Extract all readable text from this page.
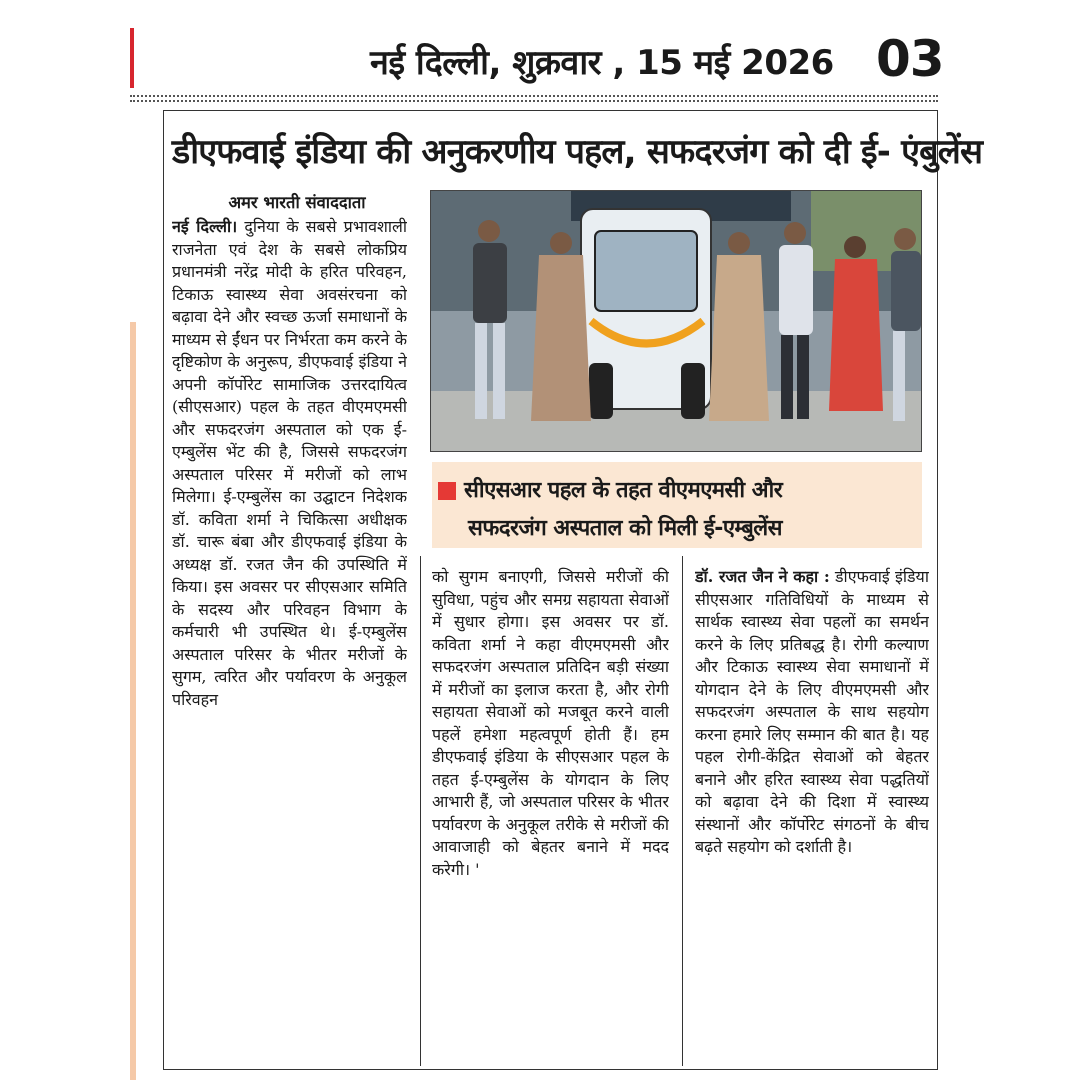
नई दिल्ली, शुक्रवार , 15 मई 2026 03
डीएफवाई इंडिया की अनुकरणीय पहल, सफदरजंग को दी ई- एंबुलेंस
अमर भारती संवाददाता
नई दिल्ली। दुनिया के सबसे प्रभावशाली राजनेता एवं देश के सबसे लोकप्रिय प्रधानमंत्री नरेंद्र मोदी के हरित परिवहन, टिकाऊ स्वास्थ्य सेवा अवसंरचना को बढ़ावा देने और स्वच्छ ऊर्जा समाधानों के माध्यम से ईंधन पर निर्भरता कम करने के दृष्टिकोण के अनुरूप, डीएफवाई इंडिया ने अपनी कॉर्पोरेट सामाजिक उत्तरदायित्व (सीएसआर) पहल के तहत वीएमएमसी और सफदरजंग अस्पताल को एक ई-एम्बुलेंस भेंट की है, जिससे सफदरजंग अस्पताल परिसर में मरीजों को लाभ मिलेगा। ई-एम्बुलेंस का उद्घाटन निदेशक डॉ. कविता शर्मा ने चिकित्सा अधीक्षक डॉ. चारू बंबा और डीएफवाई इंडिया के अध्यक्ष डॉ. रजत जैन की उपस्थिति में किया। इस अवसर पर सीएसआर समिति के सदस्य और परिवहन विभाग के कर्मचारी भी उपस्थित थे। ई-एम्बुलेंस अस्पताल परिसर के भीतर मरीजों के सुगम, त्वरित और पर्यावरण के अनुकूल परिवहन
सीएसआर पहल के तहत वीएमएमसी और
सफदरजंग अस्पताल को मिली ई-एम्बुलेंस
को सुगम बनाएगी, जिससे मरीजों की सुविधा, पहुंच और समग्र सहायता सेवाओं में सुधार होगा। इस अवसर पर डॉ. कविता शर्मा ने कहा वीएमएमसी और सफदरजंग अस्पताल प्रतिदिन बड़ी संख्या में मरीजों का इलाज करता है, और रोगी सहायता सेवाओं को मजबूत करने वाली पहलें हमेशा महत्वपूर्ण होती हैं। हम डीएफवाई इंडिया के सीएसआर पहल के तहत ई-एम्बुलेंस के योगदान के लिए आभारी हैं, जो अस्पताल परिसर के भीतर पर्यावरण के अनुकूल तरीके से मरीजों की आवाजाही को बेहतर बनाने में मदद करेगी। '
डॉ. रजत जैन ने कहा : डीएफवाई इंडिया सीएसआर गतिविधियों के माध्यम से सार्थक स्वास्थ्य सेवा पहलों का समर्थन करने के लिए प्रतिबद्ध है। रोगी कल्याण और टिकाऊ स्वास्थ्य सेवा समाधानों में योगदान देने के लिए वीएमएमसी और सफदरजंग अस्पताल के साथ सहयोग करना हमारे लिए सम्मान की बात है। यह पहल रोगी-केंद्रित सेवाओं को बेहतर बनाने और हरित स्वास्थ्य सेवा पद्धतियों को बढ़ावा देने की दिशा में स्वास्थ्य संस्थानों और कॉर्पोरेट संगठनों के बीच बढ़ते सहयोग को दर्शाती है।
